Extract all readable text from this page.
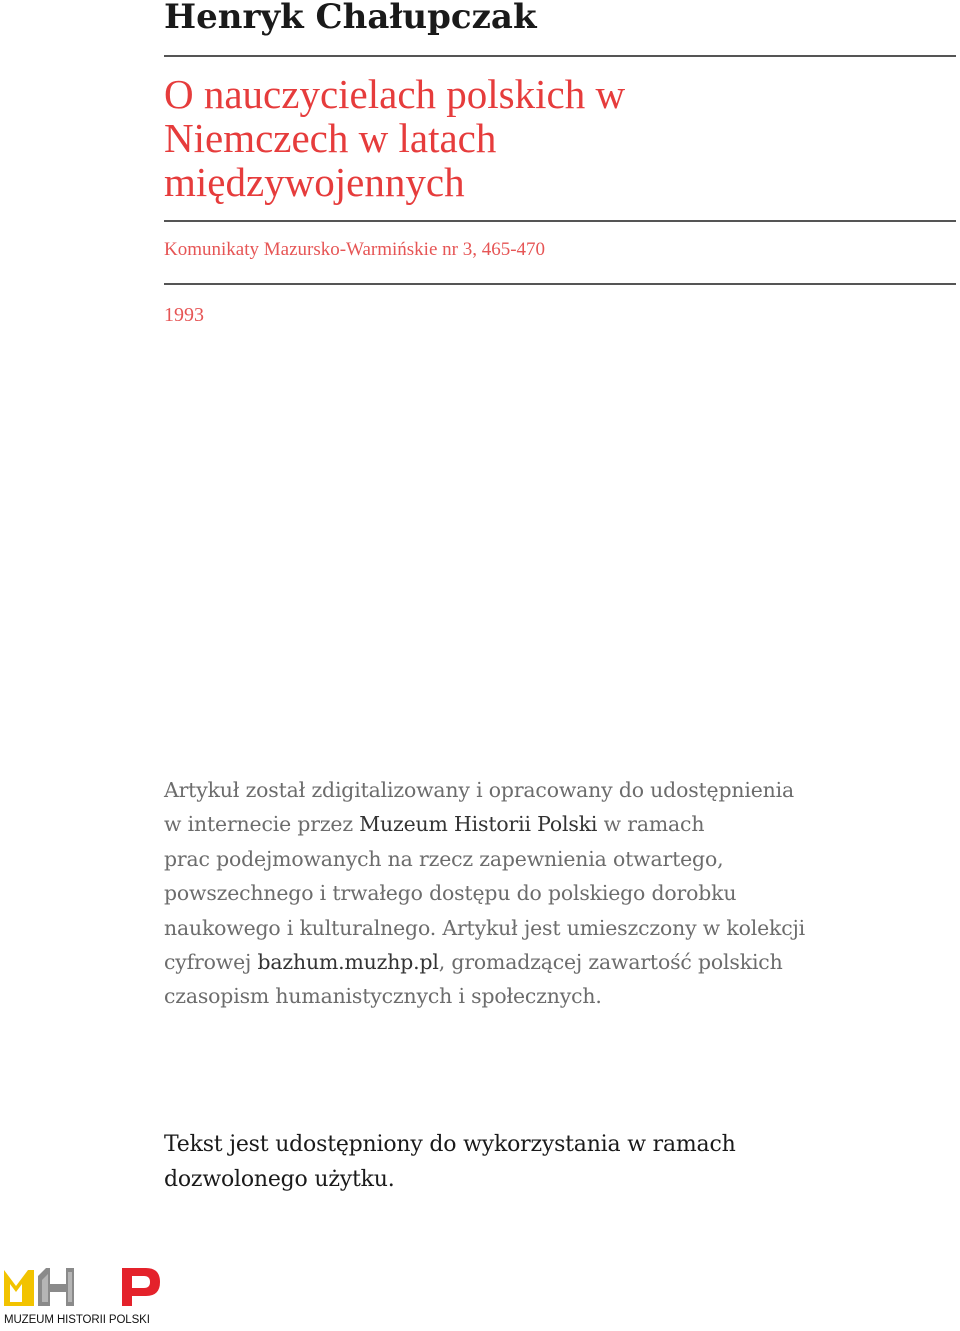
Henryk Chałupczak
O nauczycielach polskich w Niemczech w latach międzywojennych

Komunikaty Mazursko-Warmińskie nr 3, 465-470

1993

Artykuł został zdigitalizowany i opracowany do udostępnienia
w internecie przez Muzeum Historii Polski w ramach
prac podejmowanych na rzecz zapewnienia otwartego,
powszechnego i trwałego dostępu do polskiego dorobku
naukowego i kulturalnego. Artykuł jest umieszczony w kolekcji
cyfrowej bazhum.muzhp.pl, gromadzącej zawartość polskich
czasopism humanistycznych i społecznych.

Tekst jest udostępniony do wykorzystania w ramach
dozwolonego użytku.

MUZEUM HISTORII POLSKI
